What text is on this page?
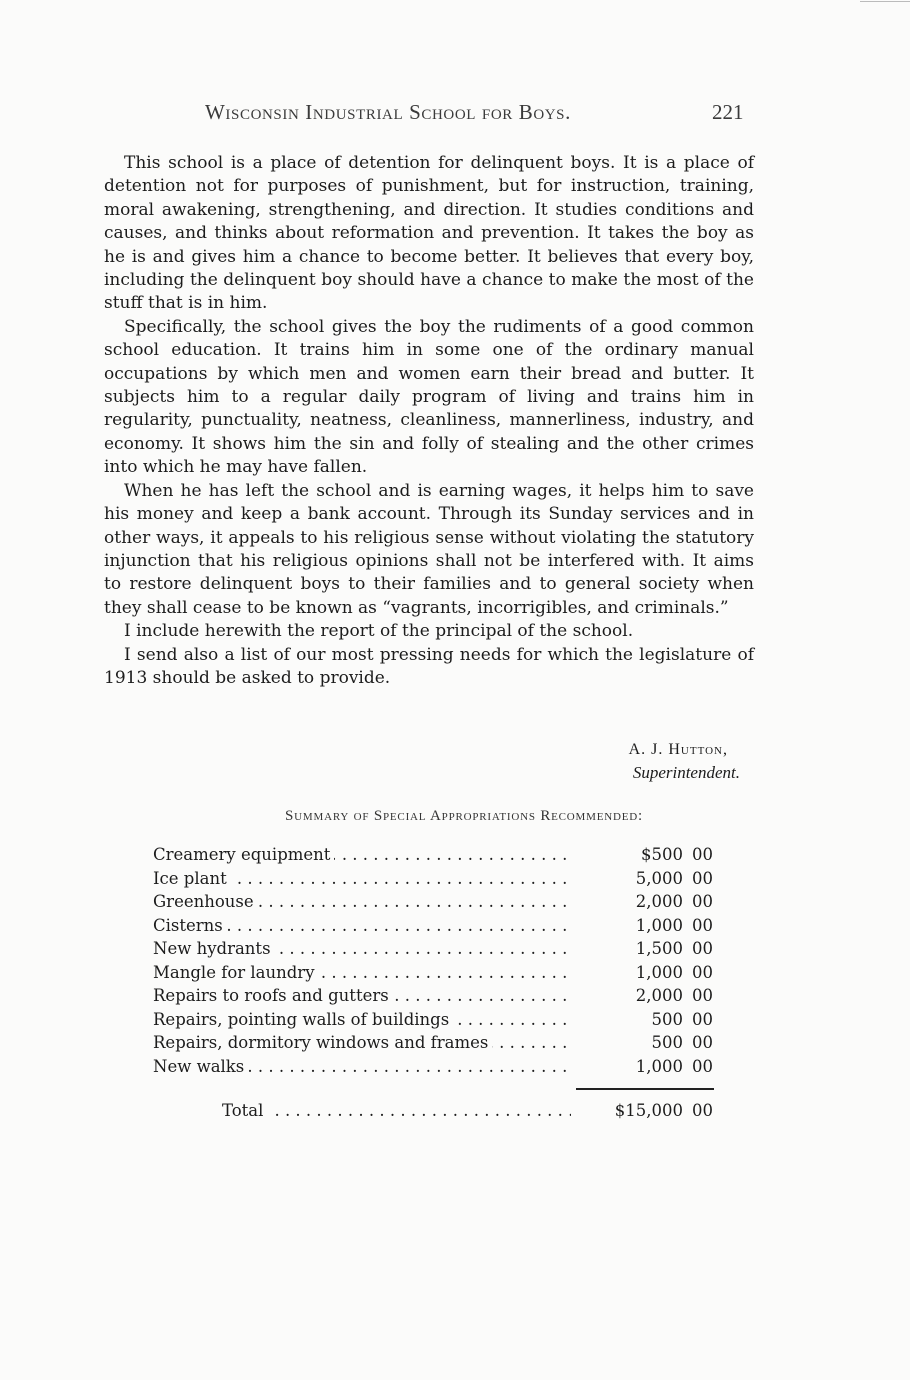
Wisconsin Industrial School for Boys.	221

This school is a place of detention for delinquent boys. It is a place of detention not for purposes of punishment, but for instruction, training, moral awakening, strengthening, and direction. It studies conditions and causes, and thinks about reformation and prevention. It takes the boy as he is and gives him a chance to become better. It believes that every boy, including the delinquent boy should have a chance to make the most of the stuff that is in him.

Specifically, the school gives the boy the rudiments of a good common school education. It trains him in some one of the ordinary manual occupations by which men and women earn their bread and butter. It subjects him to a regular daily program of living and trains him in regularity, punctuality, neatness, cleanliness, mannerliness, industry, and economy. It shows him the sin and folly of stealing and the other crimes into which he may have fallen.

When he has left the school and is earning wages, it helps him to save his money and keep a bank account. Through its Sunday services and in other ways, it appeals to his religious sense without violating the statutory injunction that his religious opinions shall not be interfered with. It aims to restore delinquent boys to their families and to general society when they shall cease to be known as “vagrants, incorrigibles, and criminals.”

I include herewith the report of the principal of the school.

I send also a list of our most pressing needs for which the legislature of 1913 should be asked to provide.

A. J. Hutton,
Superintendent.
Summary of Special Appropriations Recommended:
Creamery equipment . . .	$500 00
Ice plant . . .	5,000 00
Greenhouse . . .	2,000 00
Cisterns . . .	1,000 00
New hydrants . . .	1,500 00
Mangle for laundry . . .	1,000 00
Repairs to roofs and gutters . . .	2,000 00
Repairs, pointing walls of buildings . . .	500 00
Repairs, dormitory windows and frames . . .	500 00
New walks . . .	1,000 00
Total . . .	$15,000 00
